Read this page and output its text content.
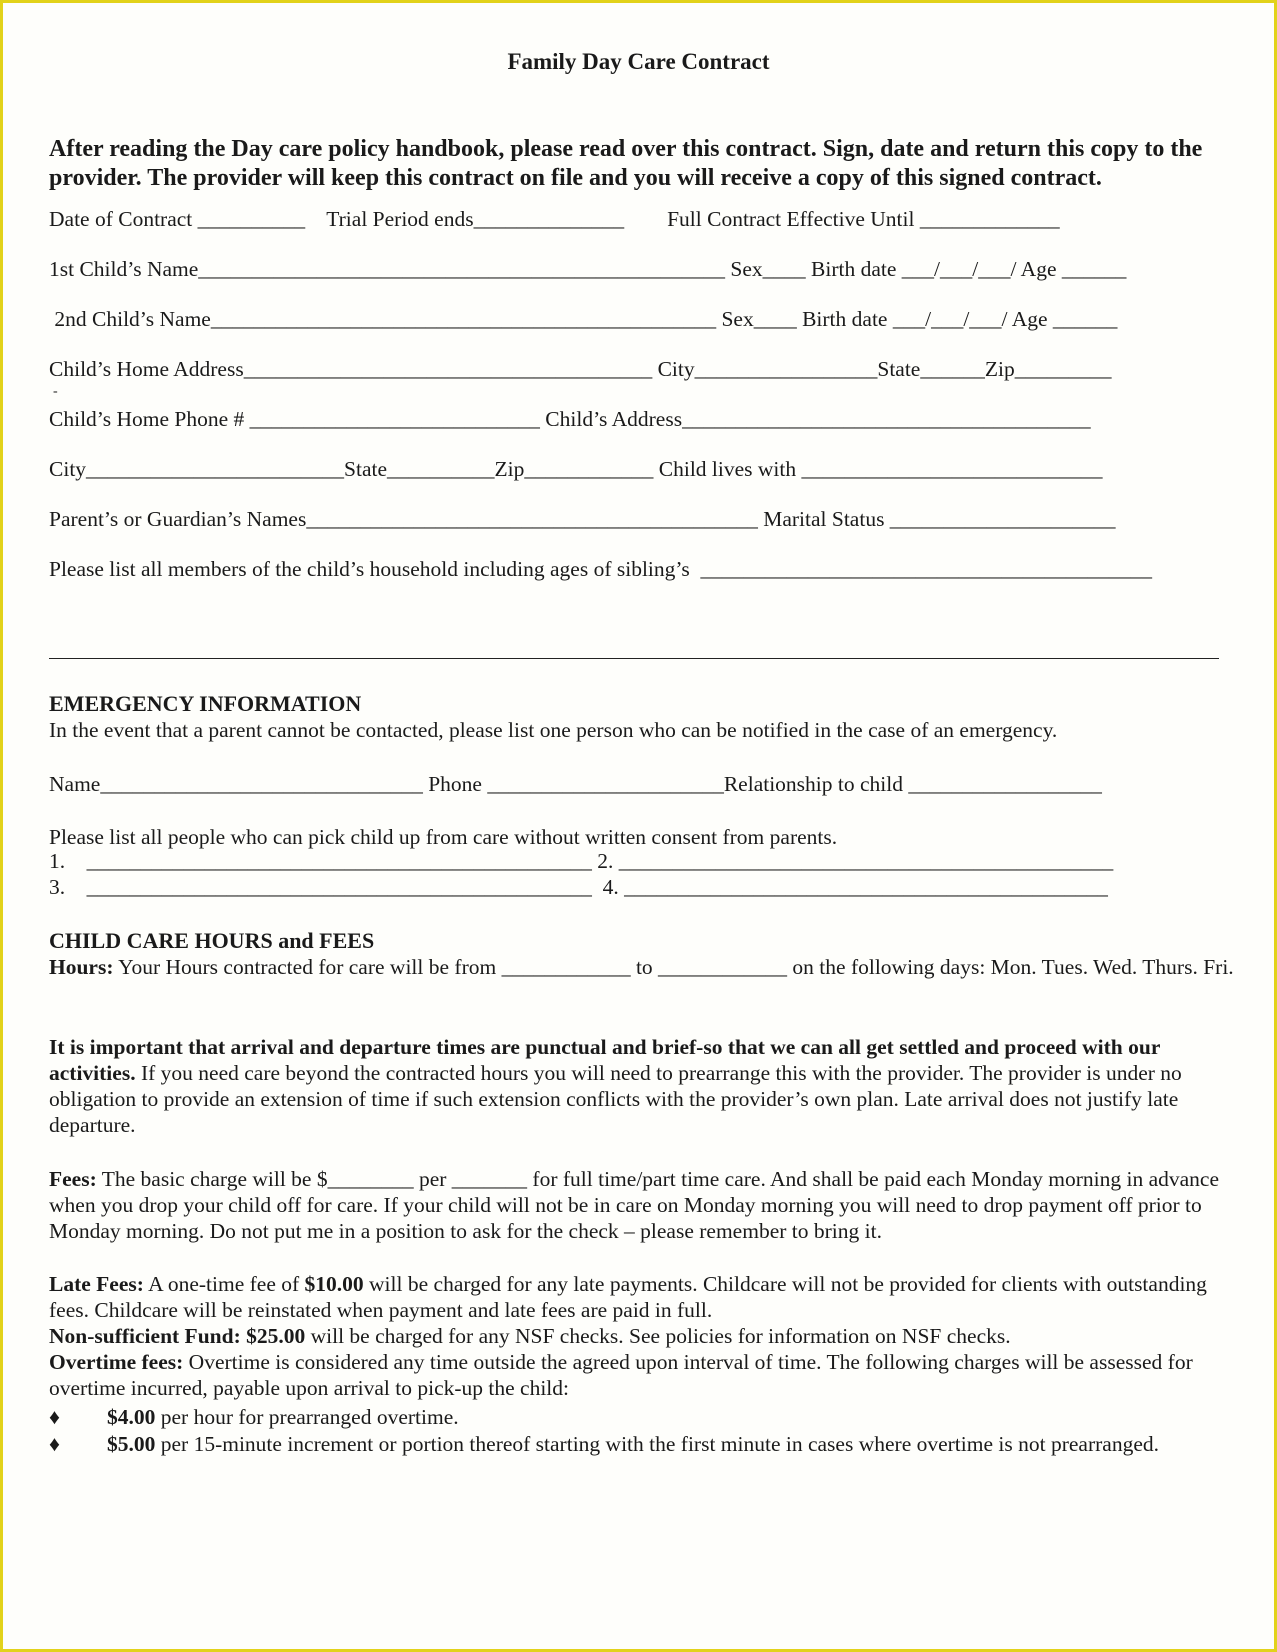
Family Day Care Contract
After reading the Day care policy handbook, please read over this contract. Sign, date and return this copy to the provider. The provider will keep this contract on file and you will receive a copy of this signed contract.
Date of Contract __________    Trial Period ends______________        Full Contract Effective Until _____________
1st Child’s Name_________________________________________________ Sex____ Birth date ___/___/___/ Age ______
2nd Child’s Name_______________________________________________ Sex____ Birth date ___/___/___/ Age ______
Child’s Home Address______________________________________ City_________________State______Zip_________
-
Child’s Home Phone # ___________________________ Child’s Address______________________________________
City________________________State__________Zip____________ Child lives with ____________________________
Parent’s or Guardian’s Names__________________________________________ Marital Status _____________________
Please list all members of the child’s household including ages of sibling’s  __________________________________________
EMERGENCY INFORMATION
In the event that a parent cannot be contacted, please list one person who can be notified in the case of an emergency.
Name______________________________ Phone ______________________Relationship to child __________________
Please list all people who can pick child up from care without written consent from parents.
1.    _______________________________________________ 2. ______________________________________________
3.    _______________________________________________  4. _____________________________________________
CHILD CARE HOURS and FEES
Hours: Your Hours contracted for care will be from ____________ to ____________ on the following days: Mon. Tues. Wed. Thurs. Fri.
It is important that arrival and departure times are punctual and brief-so that we can all get settled and proceed with our activities. If you need care beyond the contracted hours you will need to prearrange this with the provider. The provider is under no obligation to provide an extension of time if such extension conflicts with the provider’s own plan. Late arrival does not justify late departure.
Fees: The basic charge will be $________ per _______ for full time/part time care. And shall be paid each Monday morning in advance when you drop your child off for care. If your child will not be in care on Monday morning you will need to drop payment off prior to Monday morning. Do not put me in a position to ask for the check – please remember to bring it.
Late Fees: A one-time fee of $10.00 will be charged for any late payments. Childcare will not be provided for clients with outstanding fees. Childcare will be reinstated when payment and late fees are paid in full.
Non-sufficient Fund: $25.00 will be charged for any NSF checks. See policies for information on NSF checks.
Overtime fees: Overtime is considered any time outside the agreed upon interval of time. The following charges will be assessed for overtime incurred, payable upon arrival to pick-up the child:
♦ $4.00 per hour for prearranged overtime.
♦ $5.00 per 15-minute increment or portion thereof starting with the first minute in cases where overtime is not prearranged.
